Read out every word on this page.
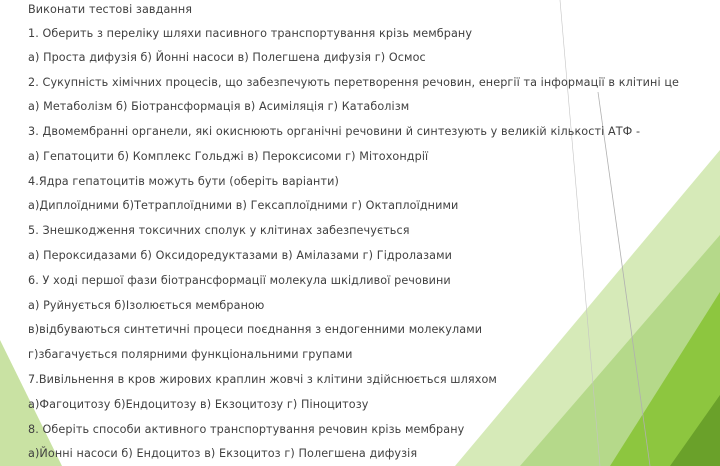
Виконати тестові завдання
1. Оберить з переліку шляхи пасивного транспортування крізь мембрану
а) Проста дифузія б) Йонні насоси в) Полегшена дифузія г) Осмос
2. Сукупність хімічних процесів, що забезпечують перетворення речовин, енергії та інформації в клітині це
а) Метаболізм б) Біотрансформація в) Асиміляція г) Катаболізм
3. Двомембранні органели, які окиснюють органічні речовини й синтезують у великій кількості АТФ -
а) Гепатоцити б) Комплекс Гольджі в) Пероксисоми г) Мітохондрії
4.Ядра гепатоцитів можуть бути (оберіть варіанти)
а)Диплоїдними б)Тетраплоїдними в) Гексаплоїдними г) Октаплоїдними
5. Знешкодження токсичних сполук у клітинах забезпечується
а) Пероксидазами б) Оксидоредуктазами в) Амілазами г) Гідролазами
6. У ході першої фази біотрансформації молекула шкідливої речовини
а) Руйнується б)Ізолюється мембраною
в)відбуваються синтетичні процеси поєднання з ендогенними молекулами
г)збагачується полярними функціональними групами
7.Вивільнення в кров жирових краплин жовчі з клітини здійснюється шляхом
а)Фагоцитозу б)Ендоцитозу в) Екзоцитозу г) Піноцитозу
8. Оберіть способи активного транспортування речовин крізь мембрану
а)Йонні насоси б) Ендоцитоз в) Екзоцитоз г) Полегшена дифузія
